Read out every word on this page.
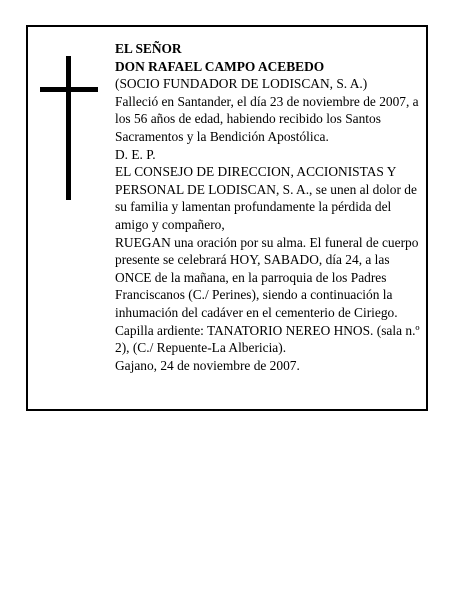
EL SEÑOR

DON RAFAEL CAMPO ACEBEDO

(SOCIO FUNDADOR DE LODISCAN, S. A.)

Falleció en Santander, el día 23 de noviembre de 2007, a los 56 años de edad, habiendo recibido los Santos Sacramentos y la Bendición Apostólica.

D. E. P.

EL CONSEJO DE DIRECCION, ACCIONISTAS Y PERSONAL DE LODISCAN, S. A., se unen al dolor de su familia y lamentan profundamente la pérdida del amigo y compañero,

RUEGAN una oración por su alma. El funeral de cuerpo presente se celebrará HOY, SABADO, día 24, a las ONCE de la mañana, en la parroquia de los Padres Franciscanos (C./ Perines), siendo a continuación la inhumación del cadáver en el cementerio de Ciriego.

Capilla ardiente: TANATORIO NEREO HNOS. (sala n.º 2), (C./ Repuente-La Albericia).

Gajano, 24 de noviembre de 2007.
